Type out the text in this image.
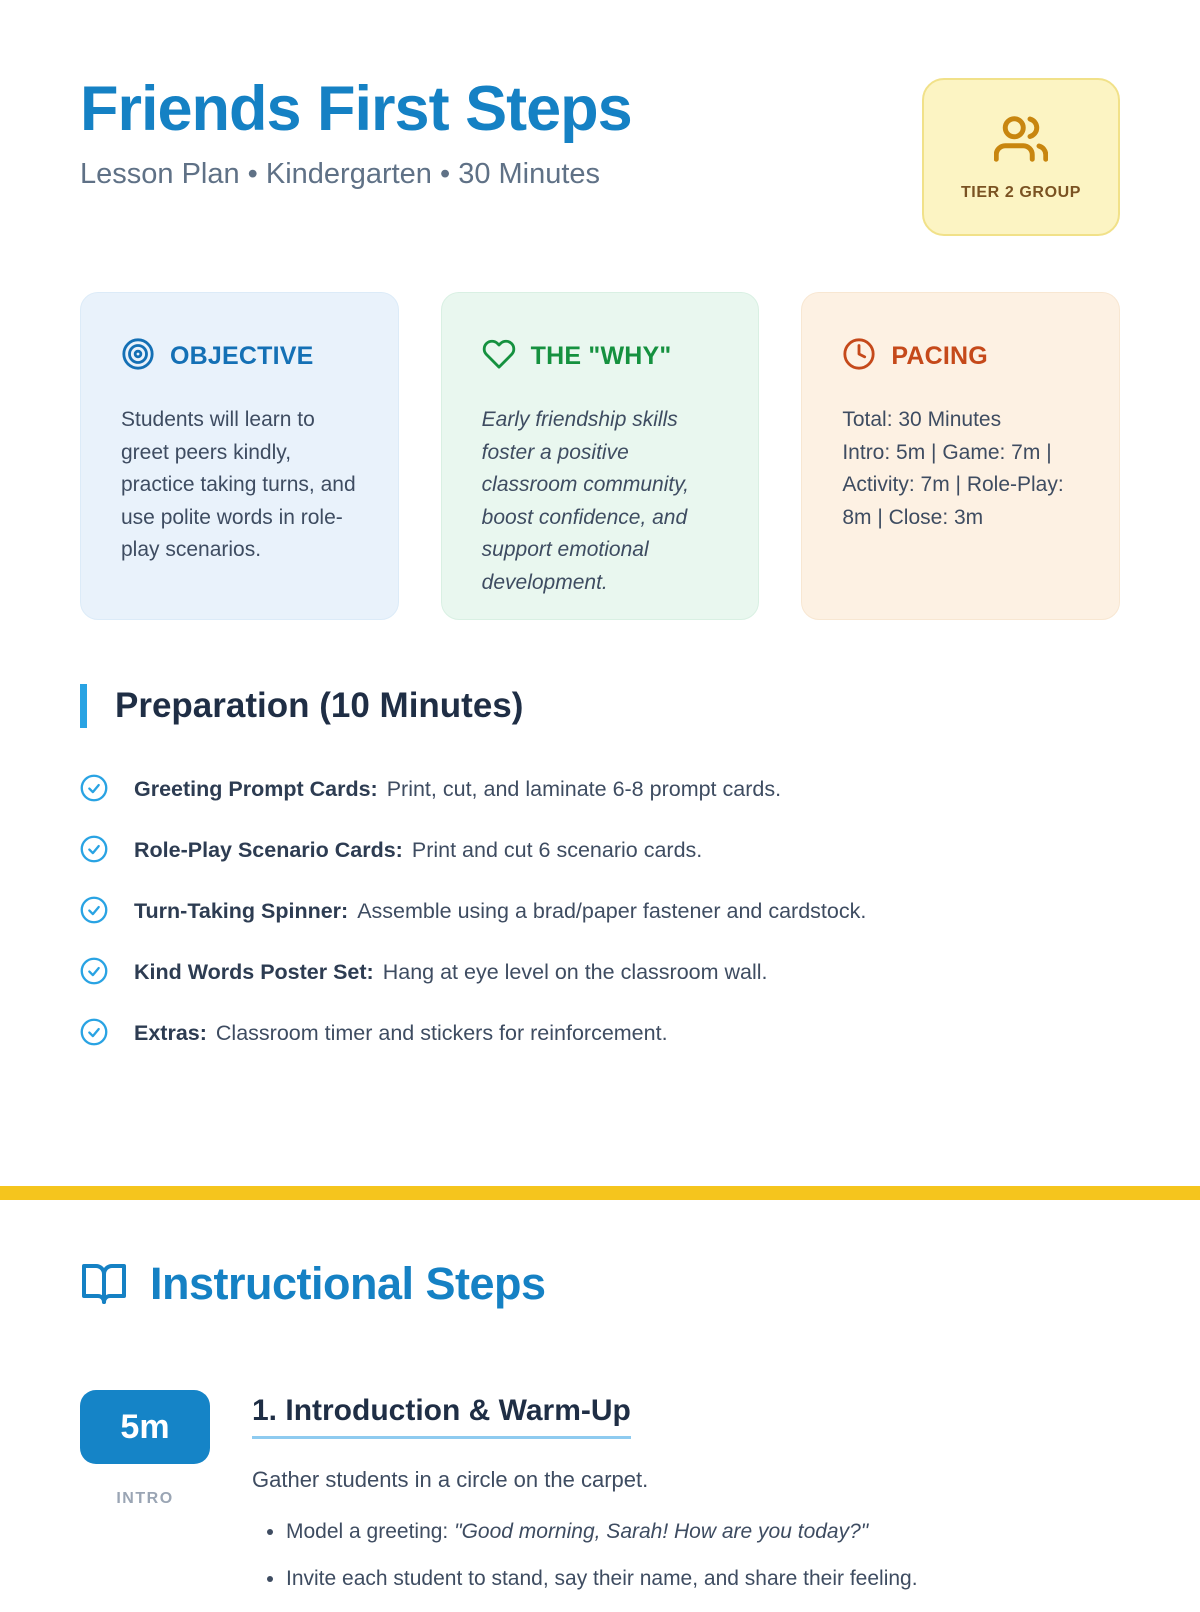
Friends First Steps
Lesson Plan • Kindergarten • 30 Minutes
TIER 2 GROUP
OBJECTIVE
Students will learn to greet peers kindly, practice taking turns, and use polite words in role-play scenarios.
THE "WHY"
Early friendship skills foster a positive classroom community, boost confidence, and support emotional development.
PACING
Total: 30 Minutes
Intro: 5m | Game: 7m | Activity: 7m | Role-Play: 8m | Close: 3m
Preparation (10 Minutes)
Greeting Prompt Cards: Print, cut, and laminate 6-8 prompt cards.
Role-Play Scenario Cards: Print and cut 6 scenario cards.
Turn-Taking Spinner: Assemble using a brad/paper fastener and cardstock.
Kind Words Poster Set: Hang at eye level on the classroom wall.
Extras: Classroom timer and stickers for reinforcement.
Instructional Steps
5m
INTRO
1. Introduction & Warm-Up
Gather students in a circle on the carpet.
• Model a greeting: "Good morning, Sarah! How are you today?"
• Invite each student to stand, say their name, and share their feeling.
